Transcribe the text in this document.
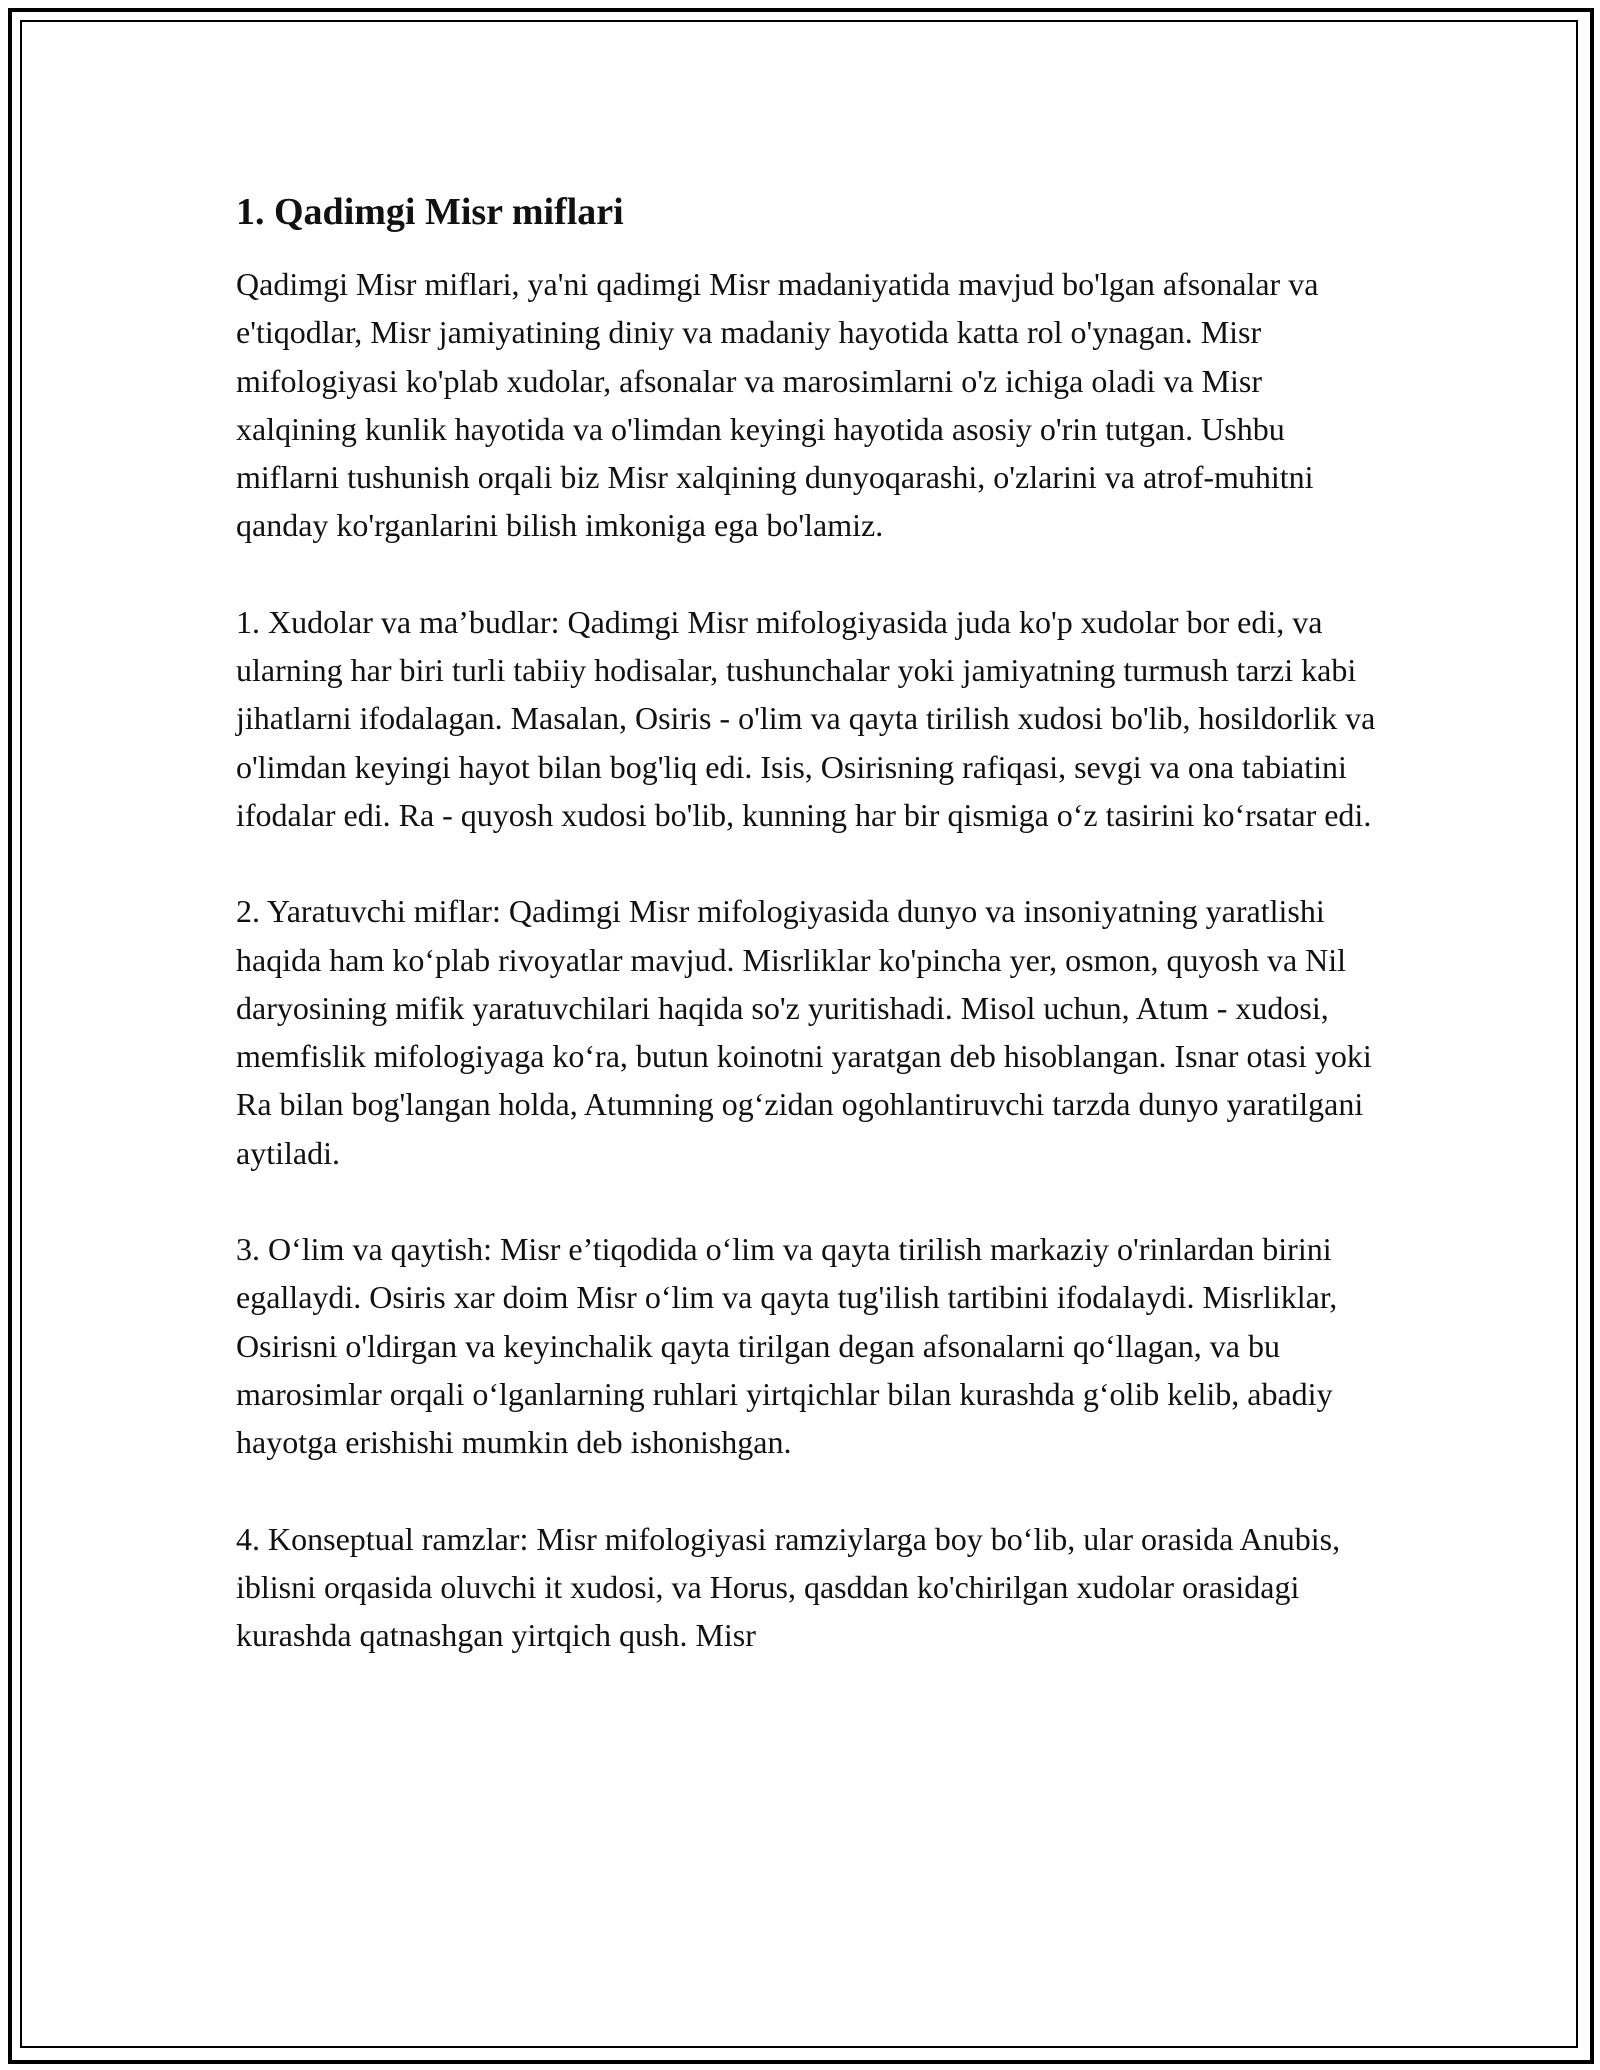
1. Qadimgi Misr miflari

Qadimgi Misr miflari, ya'ni qadimgi Misr madaniyatida mavjud bo'lgan afsonalar va e'tiqodlar, Misr jamiyatining diniy va madaniy hayotida katta rol o'ynagan. Misr mifologiyasi ko'plab xudolar, afsonalar va marosimlarni o'z ichiga oladi va Misr xalqining kunlik hayotida va o'limdan keyingi hayotida asosiy o'rin tutgan. Ushbu miflarni tushunish orqali biz Misr xalqining dunyoqarashi, o'zlarini va atrof-muhitni qanday ko'rganlarini bilish imkoniga ega bo'lamiz.

1. Xudolar va ma’budlar: Qadimgi Misr mifologiyasida juda ko'p xudolar bor edi, va ularning har biri turli tabiiy hodisalar, tushunchalar yoki jamiyatning turmush tarzi kabi jihatlarni ifodalagan. Masalan, Osiris - o'lim va qayta tirilish xudosi bo'lib, hosildorlik va o'limdan keyingi hayot bilan bog'liq edi. Isis, Osirisning rafiqasi, sevgi va ona tabiatini ifodalar edi. Ra - quyosh xudosi bo'lib, kunning har bir qismiga o‘z tasirini ko‘rsatar edi.

2. Yaratuvchi miflar: Qadimgi Misr mifologiyasida dunyo va insoniyatning yaratlishi haqida ham ko‘plab rivoyatlar mavjud. Misrliklar ko'pincha yer, osmon, quyosh va Nil daryosining mifik yaratuvchilari haqida so'z yuritishadi. Misol uchun, Atum - xudosi, memfislik mifologiyaga ko‘ra, butun koinotni yaratgan deb hisoblangan. Isnar otasi yoki Ra bilan bog'langan holda, Atumning og‘zidan ogohlantiruvchi tarzda dunyo yaratilgani aytiladi.

3. O‘lim va qaytish: Misr e’tiqodida o‘lim va qayta tirilish markaziy o'rinlardan birini egallaydi. Osiris xar doim Misr o‘lim va qayta tug'ilish tartibini ifodalaydi. Misrliklar, Osirisni o'ldirgan va keyinchalik qayta tirilgan degan afsonalarni qo‘llagan, va bu marosimlar orqali o‘lganlarning ruhlari yirtqichlar bilan kurashda g‘olib kelib, abadiy hayotga erishishi mumkin deb ishonishgan.

4. Konseptual ramzlar: Misr mifologiyasi ramziylarga boy bo‘lib, ular orasida Anubis, iblisni orqasida oluvchi it xudosi, va Horus, qasddan ko'chirilgan xudolar orasidagi kurashda qatnashgan yirtqich qush. Misr
